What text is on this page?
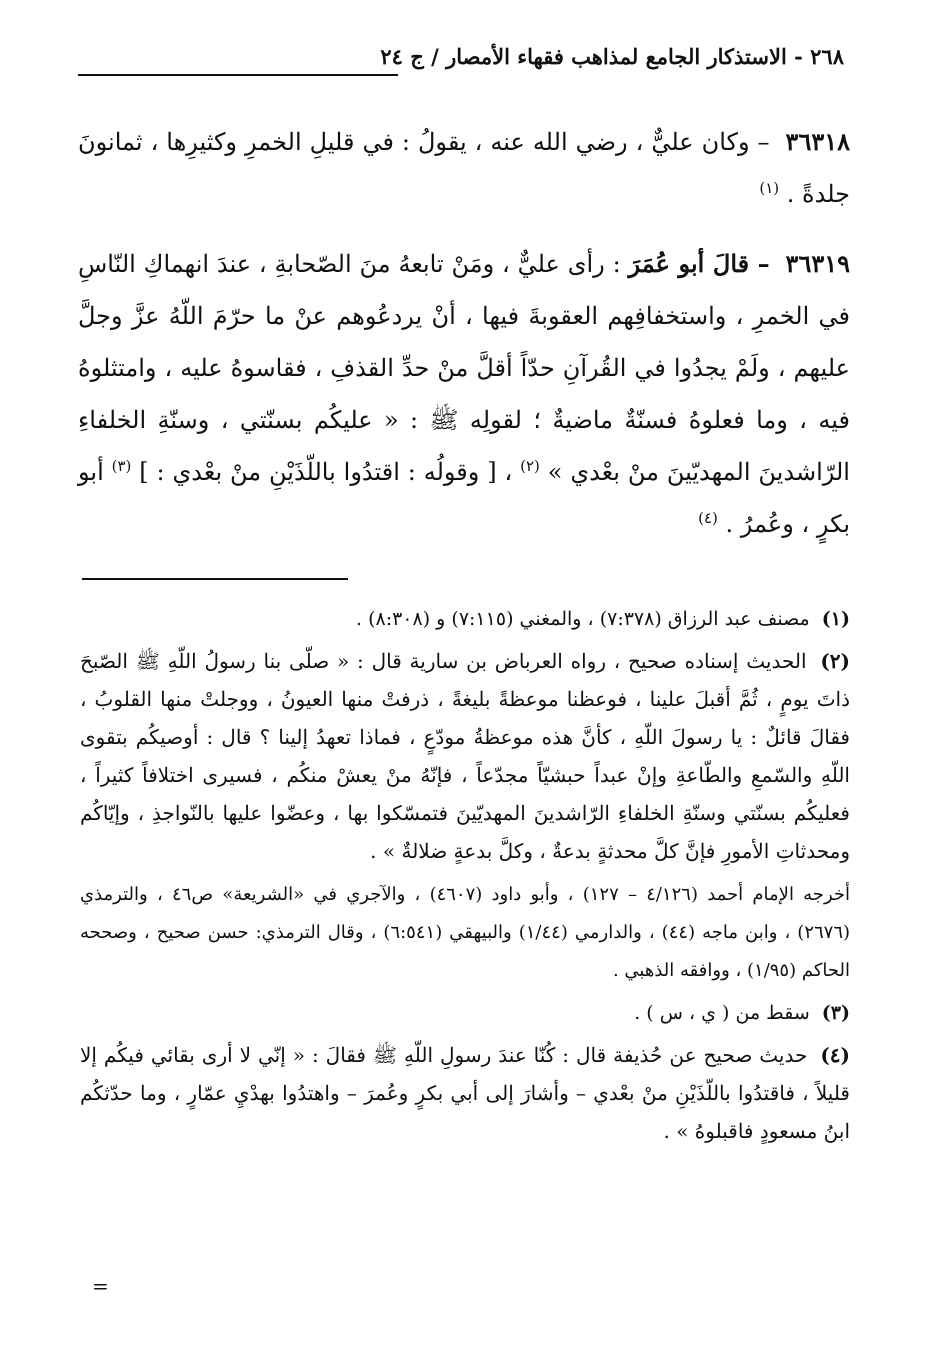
٢٦٨ - الاستذكار الجامع لمذاهب فقهاء الأمصار / ج ٢٤

٣٦٣١٨ – وكان عليٌّ ، رضي الله عنه ، يقولُ : في قليلِ الخمرِ وكثيرِها ، ثمانونَ جلدةً . $^{(١)}$

٣٦٣١٩ – قالَ أبو عُمَرَ : رأى عليٌّ ، ومَنْ تابعهُ منَ الصّحابةِ ، عندَ انهماكِ النّاسِ في الخمرِ ، واستخفافِهم العقوبةَ فيها ، أنْ يردعُوهم عنْ ما حرّمَ اللّهُ عزَّ وجلَّ عليهم ، ولَمْ يجدُوا في القُرآنِ حدّاً أقلَّ منْ حدِّ القذفِ ، فقاسوهُ عليه ، وامتثلوهُ فيه ، وما فعلوهُ فسنّةٌ ماضيةٌ ؛ لقولِه ﷺ : « عليكُم بسنّتي ، وسنّةِ الخلفاءِ الرّاشدينَ المهديّينَ منْ بعْدي » $^{(٢)}$ ، [ وقولُه : اقتدُوا باللّذَيْنِ منْ بعْدي : ] $^{(٣)}$ أبو بكرٍ ، وعُمرُ . $^{(٤)}$

(١) مصنف عبد الرزاق (٧:٣٧٨) ، والمغني (٧:١١٥) و (٨:٣٠٨) .

(٢) الحديث إسناده صحيح ، رواه العرباض بن سارية قال : « صلّى بنا رسولُ اللّهِ ﷺ الصّبحَ ذاتَ يومٍ ، ثُمَّ أقبلَ علينا ، فوعظنا موعظةً بليغةً ، ذرفتْ منها العيونُ ، ووجلتْ منها القلوبُ ، فقالَ قائلٌ : يا رسولَ اللّهِ ، كأنَّ هذه موعظةُ مودّعٍ ، فماذا تعهدُ إلينا ؟ قال : أوصيكُم بتقوى اللّهِ والسّمعِ والطّاعةِ وإنْ عبداً حبشيّاً مجدّعاً ، فإنّهُ منْ يعشْ منكُم ، فسيرى اختلافاً كثيراً ، فعليكُم بسنّتي وسنّةِ الخلفاءِ الرّاشدينَ المهديّينَ فتمسّكوا بها ، وعضّوا عليها بالنّواجذِ ، وإيّاكُم ومحدثاتِ الأمورِ فإنَّ كلَّ محدثةٍ بدعةٌ ، وكلَّ بدعةٍ ضلالةٌ » .

أخرجه الإمام أحمد (٤/١٢٦ – ١٢٧) ، وأبو داود (٤٦٠٧) ، والآجري في «الشريعة» ص٤٦ ، والترمذي (٢٦٧٦) ، وابن ماجه (٤٤) ، والدارمي (١/٤٤) والبيهقي (٦:٥٤١) ، وقال الترمذي: حسن صحيح ، وصححه الحاكم (١/٩٥) ، ووافقه الذهبي .

(٣) سقط من ( ي ، س ) .

(٤) حديث صحيح عن حُذيفة قال : كُنّا عندَ رسولِ اللّهِ ﷺ فقالَ : « إنّي لا أرى بقائي فيكُم إلا قليلاً ، فاقتدُوا باللّذَيْنِ منْ بعْدي – وأشارَ إلى أبي بكرٍ وعُمرَ – واهتدُوا بهدْيِ عمّارٍ ، وما حدّثكُم ابنُ مسعودٍ فاقبلوهُ » .

=
